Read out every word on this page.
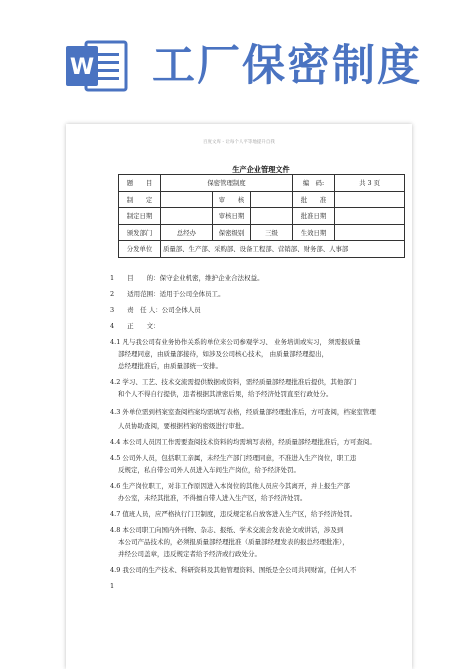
W 工厂保密制度
百度文库 - 让每个人平等地提升自我
生产企业管理文件
题　　目	保密管理制度			编　码:	共 3 页
制　　定		审　　核		批　　准	
制定日期		审核日期		批准日期	
颁发部门	总经办	保密级别	三级	生效日期	
分发单位	质量部、生产部、采购部、设备工程部、营销部、财务部、人事部				
1　　目　　的：保守企业机密，维护企业合法权益。
2　　适用范围：适用于公司全体员工。
3　　责　任 人：公司全体人员
4　　正　　文：
4.1 凡与我公司有业务协作关系的单位来公司参观学习、 业务培训或实习， 须需报质量
部经理同意，由质量部接待，如涉及公司核心技术， 由质量部经理提出，
总经理批准后，由质量部统一安排。
4.2 学习、工艺、技术交流需提供数据或资料，需经质量部经理批准后提供，其他部门
和个人不得自行提供，违者根据其泄密后果，给予经济处罚直至行政处分。
4.3 外单位需到档案室查阅档案均需填写表格，经质量部经理批准后，方可查阅，档案室管理
人员协助查阅，要根据档案的密级进行审批。
4.4 本公司人员因工作需要查阅技术资料的均需填写表格，经质量部经理批准后，方可查阅。
4.5 公司外人员，包括职工亲属，未经生产部门经理同意，不准进入生产岗位，职工违
反规定，私自带公司外人员进入车间生产岗位，给予经济处罚。
4.6 生产岗位职工，对非工作原因进入本岗位的其他人员应今其离开，并上报生产部
办公室，未经其批准，不得擅自带人进入生产区，给予经济处罚。
4.7 值班人员，应严格执行门卫制度，违反规定私自放客进入生产区，给予经济处罚。
4.8 本公司职工向国内外刊物、杂志、报纸、学术交流会发表论文或讲话，涉及到
本公司产品技术的，必须报质量部经理批准（质量部经理发表的报总经理批准），
并经公司盖章，违反规定者给予经济或行政处分。
4.9 我公司的生产技术、科研资料及其他管理资料、图纸是全公司共同财富，任何人不
1
